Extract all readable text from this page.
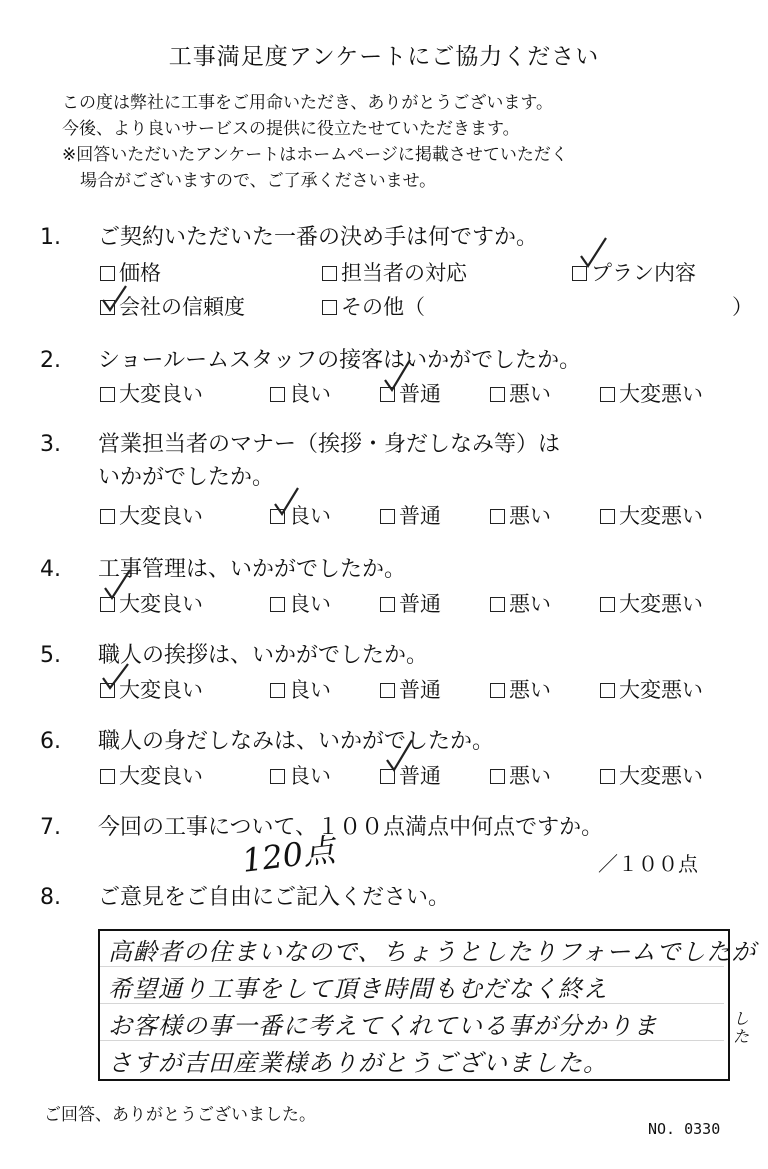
工事満足度アンケートにご協力ください
この度は弊社に工事をご用命いただき、ありがとうございます。
今後、より良いサービスの提供に役立たせていただきます。
※回答いただいたアンケートはホームページに掲載させていただく
場合がございますので、ご了承くださいませ。
1. ご契約いただいた一番の決め手は何ですか。
価格	担当者の対応	プラン内容
会社の信頼度	その他（	）
2. ショールームスタッフの接客はいかがでしたか。
大変良い	良い	普通	悪い	大変悪い
3. 営業担当者のマナー（挨拶・身だしなみ等）は
いかがでしたか。
大変良い	良い	普通	悪い	大変悪い
4. 工事管理は、いかがでしたか。
大変良い	良い	普通	悪い	大変悪い
5. 職人の挨拶は、いかがでしたか。
大変良い	良い	普通	悪い	大変悪い
6. 職人の身だしなみは、いかがでしたか。
大変良い	良い	普通	悪い	大変悪い
7. 今回の工事について、１００点満点中何点ですか。
120点	／１００点
8. ご意見をご自由にご記入ください。
高齢者の住まいなので、ちょうとしたりフォームでしたが
希望通り工事をして頂き時間もむだなく終え
お客様の事一番に考えてくれている事が分かりま
さすが吉田産業様ありがとうございました。
した
ご回答、ありがとうございました。
NO. 0330
